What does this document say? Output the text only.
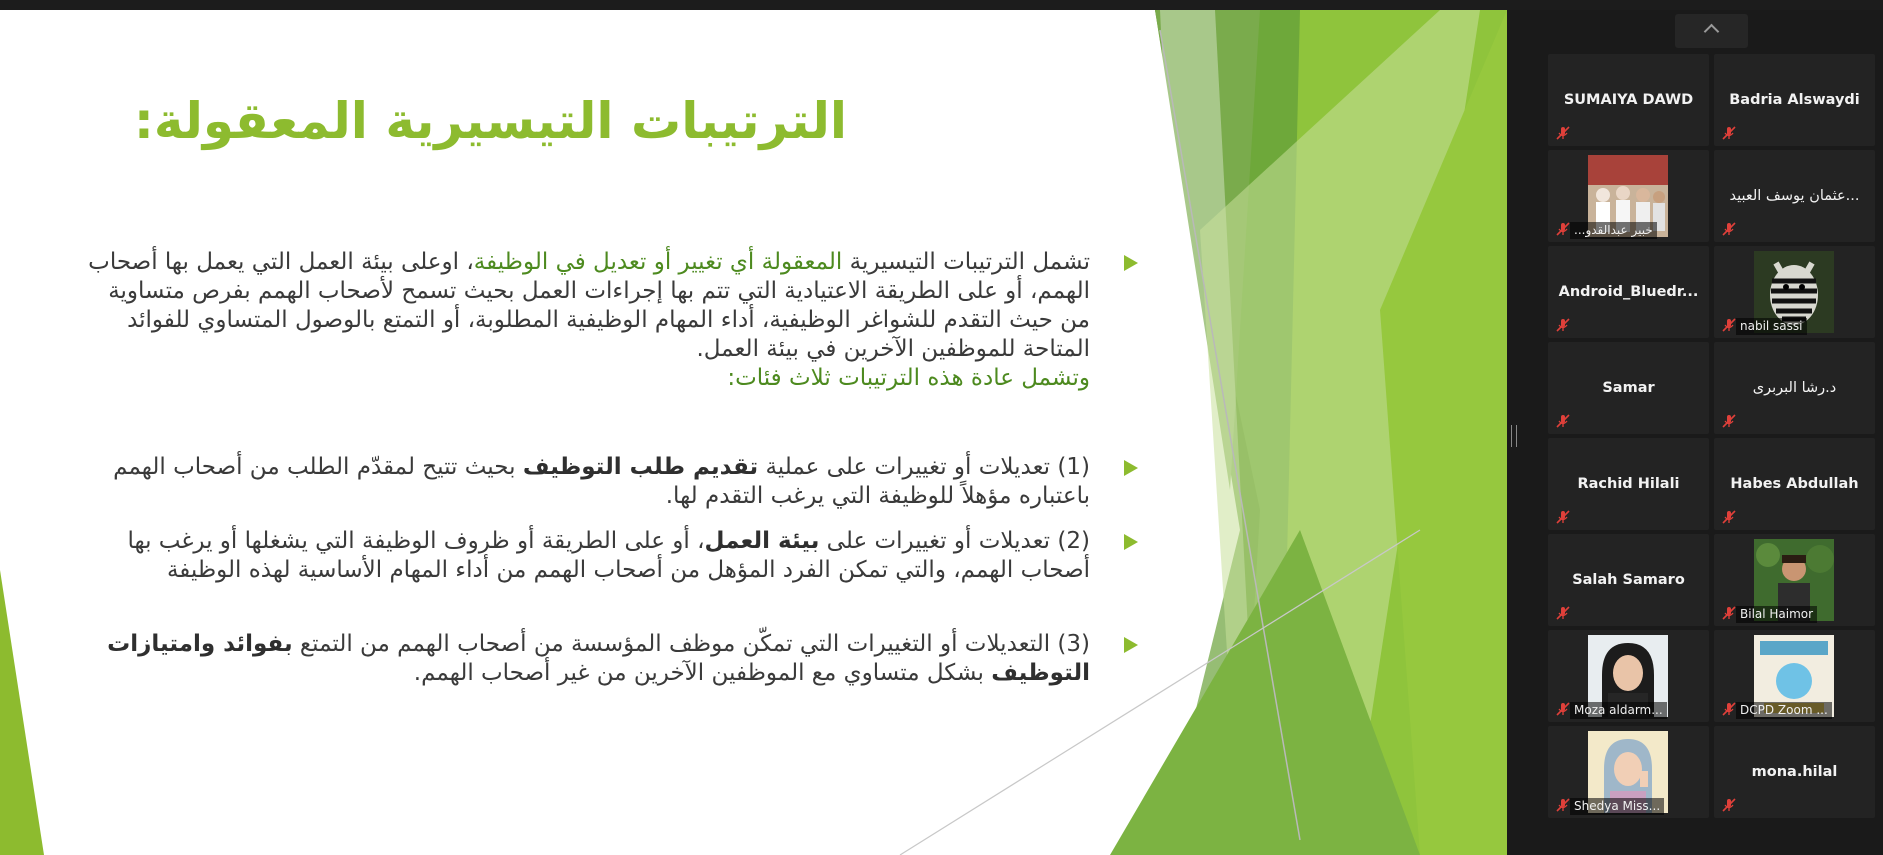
الترتيبات التيسيرية المعقولة:
تشمل الترتيبات التيسيرية المعقولة أي تغيير أو تعديل في الوظيفة، اوعلى بيئة العمل التي يعمل بها أصحاب الهمم، أو على الطريقة الاعتيادية التي تتم بها إجراءات العمل بحيث تسمح لأصحاب الهمم بفرص متساوية من حيث التقدم للشواغر الوظيفية، أداء المهام الوظيفية المطلوبة، أو التمتع بالوصول المتساوي للفوائد المتاحة للموظفين الآخرين في بيئة العمل.
وتشمل عادة هذه الترتيبات ثلاث فئات:
(1) تعديلات أو تغييرات على عملية تقديم طلب التوظيف بحيث تتيح لمقدّم الطلب من أصحاب الهمم باعتباره مؤهلاً للوظيفة التي يرغب التقدم لها.
(2) تعديلات أو تغييرات على بيئة العمل، أو على الطريقة أو ظروف الوظيفة التي يشغلها أو يرغب بها أصحاب الهمم، والتي تمكن الفرد المؤهل من أصحاب الهمم من أداء المهام الأساسية لهذه الوظيفة
(3) التعديلات أو التغييرات التي تمكّن موظف المؤسسة من أصحاب الهمم من التمتع بفوائد وامتيازات التوظيف بشكل متساوي مع الموظفين الآخرين من غير أصحاب الهمم.
SUMAIYA DAWD	Badria Alswaydi
خبير عبدالقدو...
عثمان يوسف العبيد...
Android_Bluedr...
nabil sassi
Samar	د.رشا البربرى
Rachid Hilali	Habes Abdullah
Salah Samaro
Bilal Haimor
Moza aldarm...	DCPD Zoom ...
Shedya Miss...
mona.hilal
